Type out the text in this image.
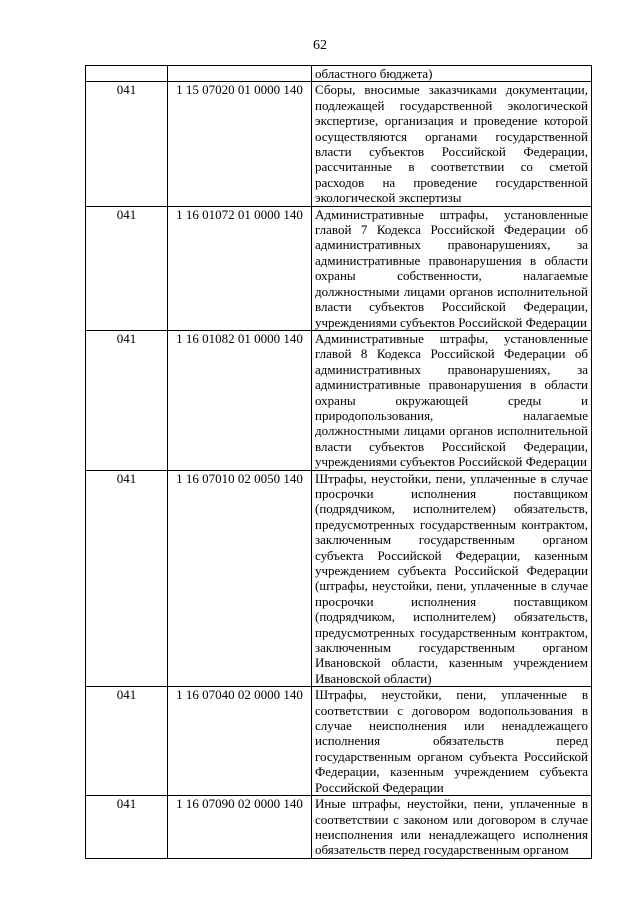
62
		областного бюджета)
041	1 15 07020 01 0000 140	Сборы, вносимые заказчиками документации, подлежащей государственной экологической экспертизе, организация и проведение которой осуществляются органами государственной власти субъектов Российской Федерации, рассчитанные в соответствии со сметой расходов на проведение государственной экологической экспертизы
041	1 16 01072 01 0000 140	Административные штрафы, установленные главой 7 Кодекса Российской Федерации об административных правонарушениях, за административные правонарушения в области охраны собственности, налагаемые должностными лицами органов исполнительной власти субъектов Российской Федерации, учреждениями субъектов Российской Федерации
041	1 16 01082 01 0000 140	Административные штрафы, установленные главой 8 Кодекса Российской Федерации об административных правонарушениях, за административные правонарушения в области охраны окружающей среды и природопользования, налагаемые должностными лицами органов исполнительной власти субъектов Российской Федерации, учреждениями субъектов Российской Федерации
041	1 16 07010 02 0050 140	Штрафы, неустойки, пени, уплаченные в случае просрочки исполнения поставщиком (подрядчиком, исполнителем) обязательств, предусмотренных государственным контрактом, заключенным государственным органом субъекта Российской Федерации, казенным учреждением субъекта Российской Федерации (штрафы, неустойки, пени, уплаченные в случае просрочки исполнения поставщиком (подрядчиком, исполнителем) обязательств, предусмотренных государственным контрактом, заключенным государственным органом Ивановской области, казенным учреждением Ивановской области)
041	1 16 07040 02 0000 140	Штрафы, неустойки, пени, уплаченные в соответствии с договором водопользования в случае неисполнения или ненадлежащего исполнения обязательств перед государственным органом субъекта Российской Федерации, казенным учреждением субъекта Российской Федерации
041	1 16 07090 02 0000 140	Иные штрафы, неустойки, пени, уплаченные в соответствии с законом или договором в случае неисполнения или ненадлежащего исполнения обязательств перед государственным органом
